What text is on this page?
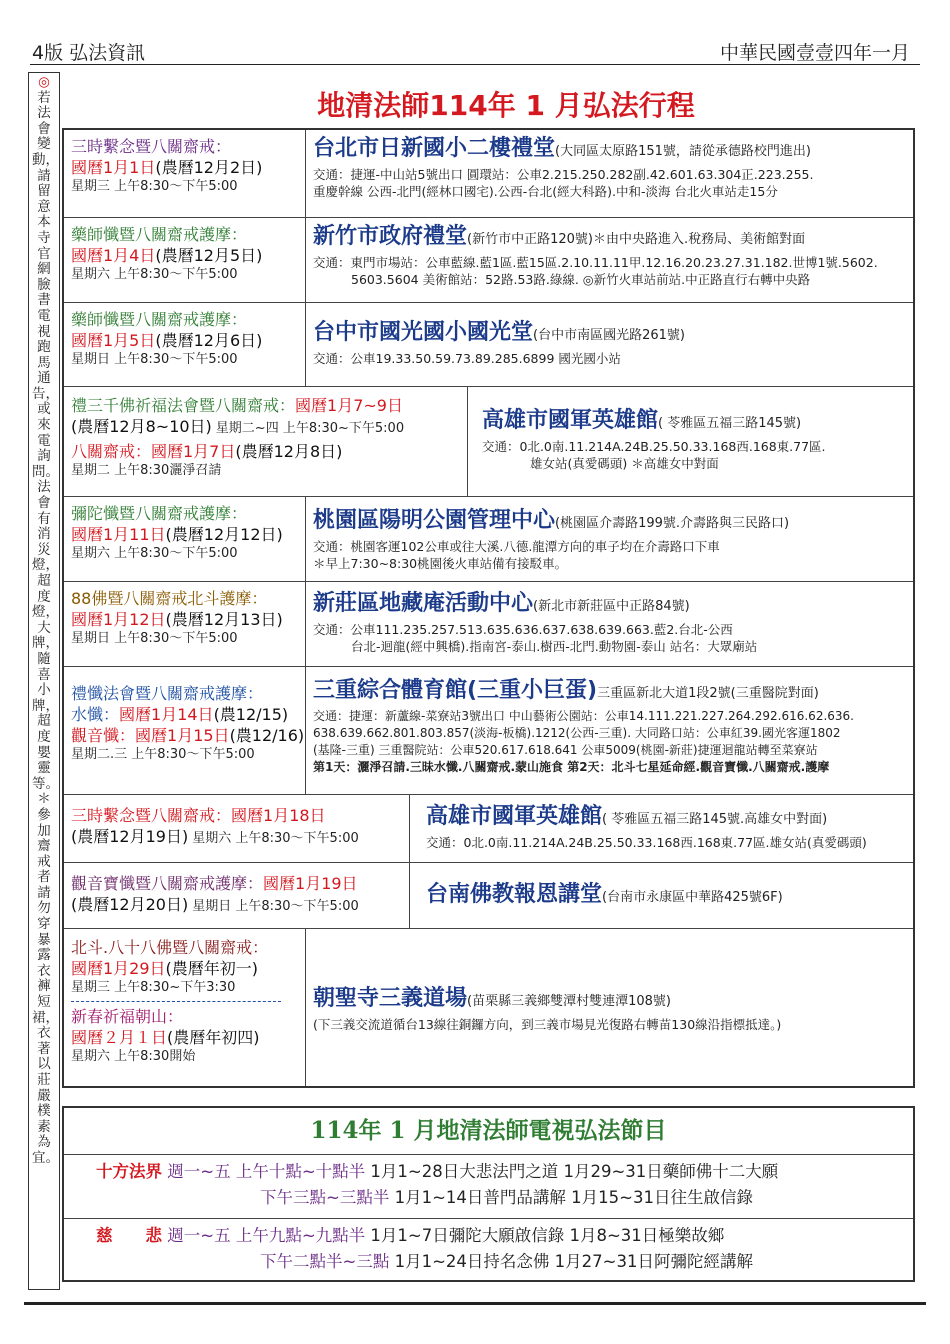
4版 弘法資訊	中華民國壹壹四年一月
◎若法會變動，請留意本寺官網臉書電視跑馬通告，或來電詢問。法會有消災燈，超度燈，大牌，隨喜小牌，超度嬰靈等。＊參加齋戒者請勿穿暴露衣褲短裙，衣著以莊嚴樸素為宜。
地清法師114年 1 月弘法行程
三時繫念暨八關齋戒：
國曆1月1日(農曆12月2日)
星期三 上午8:30～下午5:00
台北市日新國小二樓禮堂(大同區太原路151號，請從承德路校門進出)
交通：捷運-中山站5號出口 圓環站：公車2.215.250.282副.42.601.63.304正.223.255.
重慶幹線 公西-北門(經林口國宅).公西-台北(經大科路).中和-淡海 台北火車站走15分
藥師懺暨八關齋戒護摩：
國曆1月4日(農曆12月5日)
星期六 上午8:30～下午5:00
新竹市政府禮堂(新竹市中正路120號)＊由中央路進入.稅務局、美術館對面
交通：東門市場站：公車藍線.藍1區.藍15區.2.10.11.11甲.12.16.20.23.27.31.182.世博1號.5602.
5603.5604 美術館站：52路.53路.綠線. ◎新竹火車站前站.中正路直行右轉中央路
藥師懺暨八關齋戒護摩：
國曆1月5日(農曆12月6日)
星期日 上午8:30～下午5:00
台中市國光國小國光堂(台中市南區國光路261號)
交通：公車19.33.50.59.73.89.285.6899 國光國小站
禮三千佛祈福法會暨八關齋戒：國曆1月7~9日
(農曆12月8~10日) 星期二~四 上午8:30~下午5:00
八關齋戒：國曆1月7日(農曆12月8日)
星期二 上午8:30灑淨召請
高雄市國軍英雄館( 苓雅區五福三路145號)
交通：0北.0南.11.214A.24B.25.50.33.168西.168東.77區.
雄女站(真愛碼頭) ＊高雄女中對面
彌陀懺暨八關齋戒護摩：
國曆1月11日(農曆12月12日)
星期六 上午8:30～下午5:00
桃園區陽明公園管理中心(桃園區介壽路199號.介壽路與三民路口)
交通：桃園客運102公車或往大溪.八德.龍潭方向的車子均在介壽路口下車
＊早上7:30~8:30桃園後火車站備有接駁車。
88佛暨八關齋戒北斗護摩：
國曆1月12日(農曆12月13日)
星期日 上午8:30～下午5:00
新莊區地藏庵活動中心(新北市新莊區中正路84號)
交通：公車111.235.257.513.635.636.637.638.639.663.藍2.台北-公西
台北-迴龍(經中興橋).指南宮-泰山.樹西-北門.動物園-泰山 站名：大眾廟站
禮懺法會暨八關齋戒護摩：
水懺：國曆1月14日(農12/15)
觀音懺：國曆1月15日(農12/16)
星期二.三 上午8:30～下午5:00
三重綜合體育館(三重小巨蛋)三重區新北大道1段2號(三重醫院對面)
交通：捷運：新蘆線-菜寮站3號出口 中山藝術公園站：公車14.111.221.227.264.292.616.62.636.
638.639.662.801.803.857(淡海-板橋).1212(公西-三重). 大同路口站：公車紅39.國光客運1802
(基隆-三重) 三重醫院站：公車520.617.618.641 公車5009(桃園-新莊)捷運迴龍站轉至菜寮站
第1天：灑淨召請.三昧水懺.八關齋戒.蒙山施食 第2天：北斗七星延命經.觀音寶懺.八關齋戒.護摩
三時繫念暨八關齋戒：國曆1月18日
(農曆12月19日) 星期六 上午8:30～下午5:00
高雄市國軍英雄館( 苓雅區五福三路145號.高雄女中對面)
交通：0北.0南.11.214A.24B.25.50.33.168西.168東.77區.雄女站(真愛碼頭)
觀音寶懺暨八關齋戒護摩：國曆1月19日
(農曆12月20日) 星期日 上午8:30～下午5:00	台南佛教報恩講堂(台南市永康區中華路425號6F)
北斗.八十八佛暨八關齋戒：
國曆1月29日(農曆年初一)
星期三 上午8:30~下午3:30
新春祈福朝山：
國曆２月１日(農曆年初四)
星期六 上午8:30開始
朝聖寺三義道場(苗栗縣三義鄉雙潭村雙連潭108號)
(下三義交流道循台13線往銅鑼方向，到三義市場見光復路右轉苗130線沿指標抵達。)
114年 1 月地清法師電視弘法節目
十方法界 週一~五 上午十點~十點半 1月1~28日大悲法門之道 1月29~31日藥師佛十二大願
下午三點~三點半 1月1~14日普門品講解 1月15~31日往生啟信錄
慈　　悲 週一~五 上午九點~九點半 1月1~7日彌陀大願啟信錄 1月8~31日極樂故鄉
下午二點半~三點 1月1~24日持名念佛 1月27~31日阿彌陀經講解
